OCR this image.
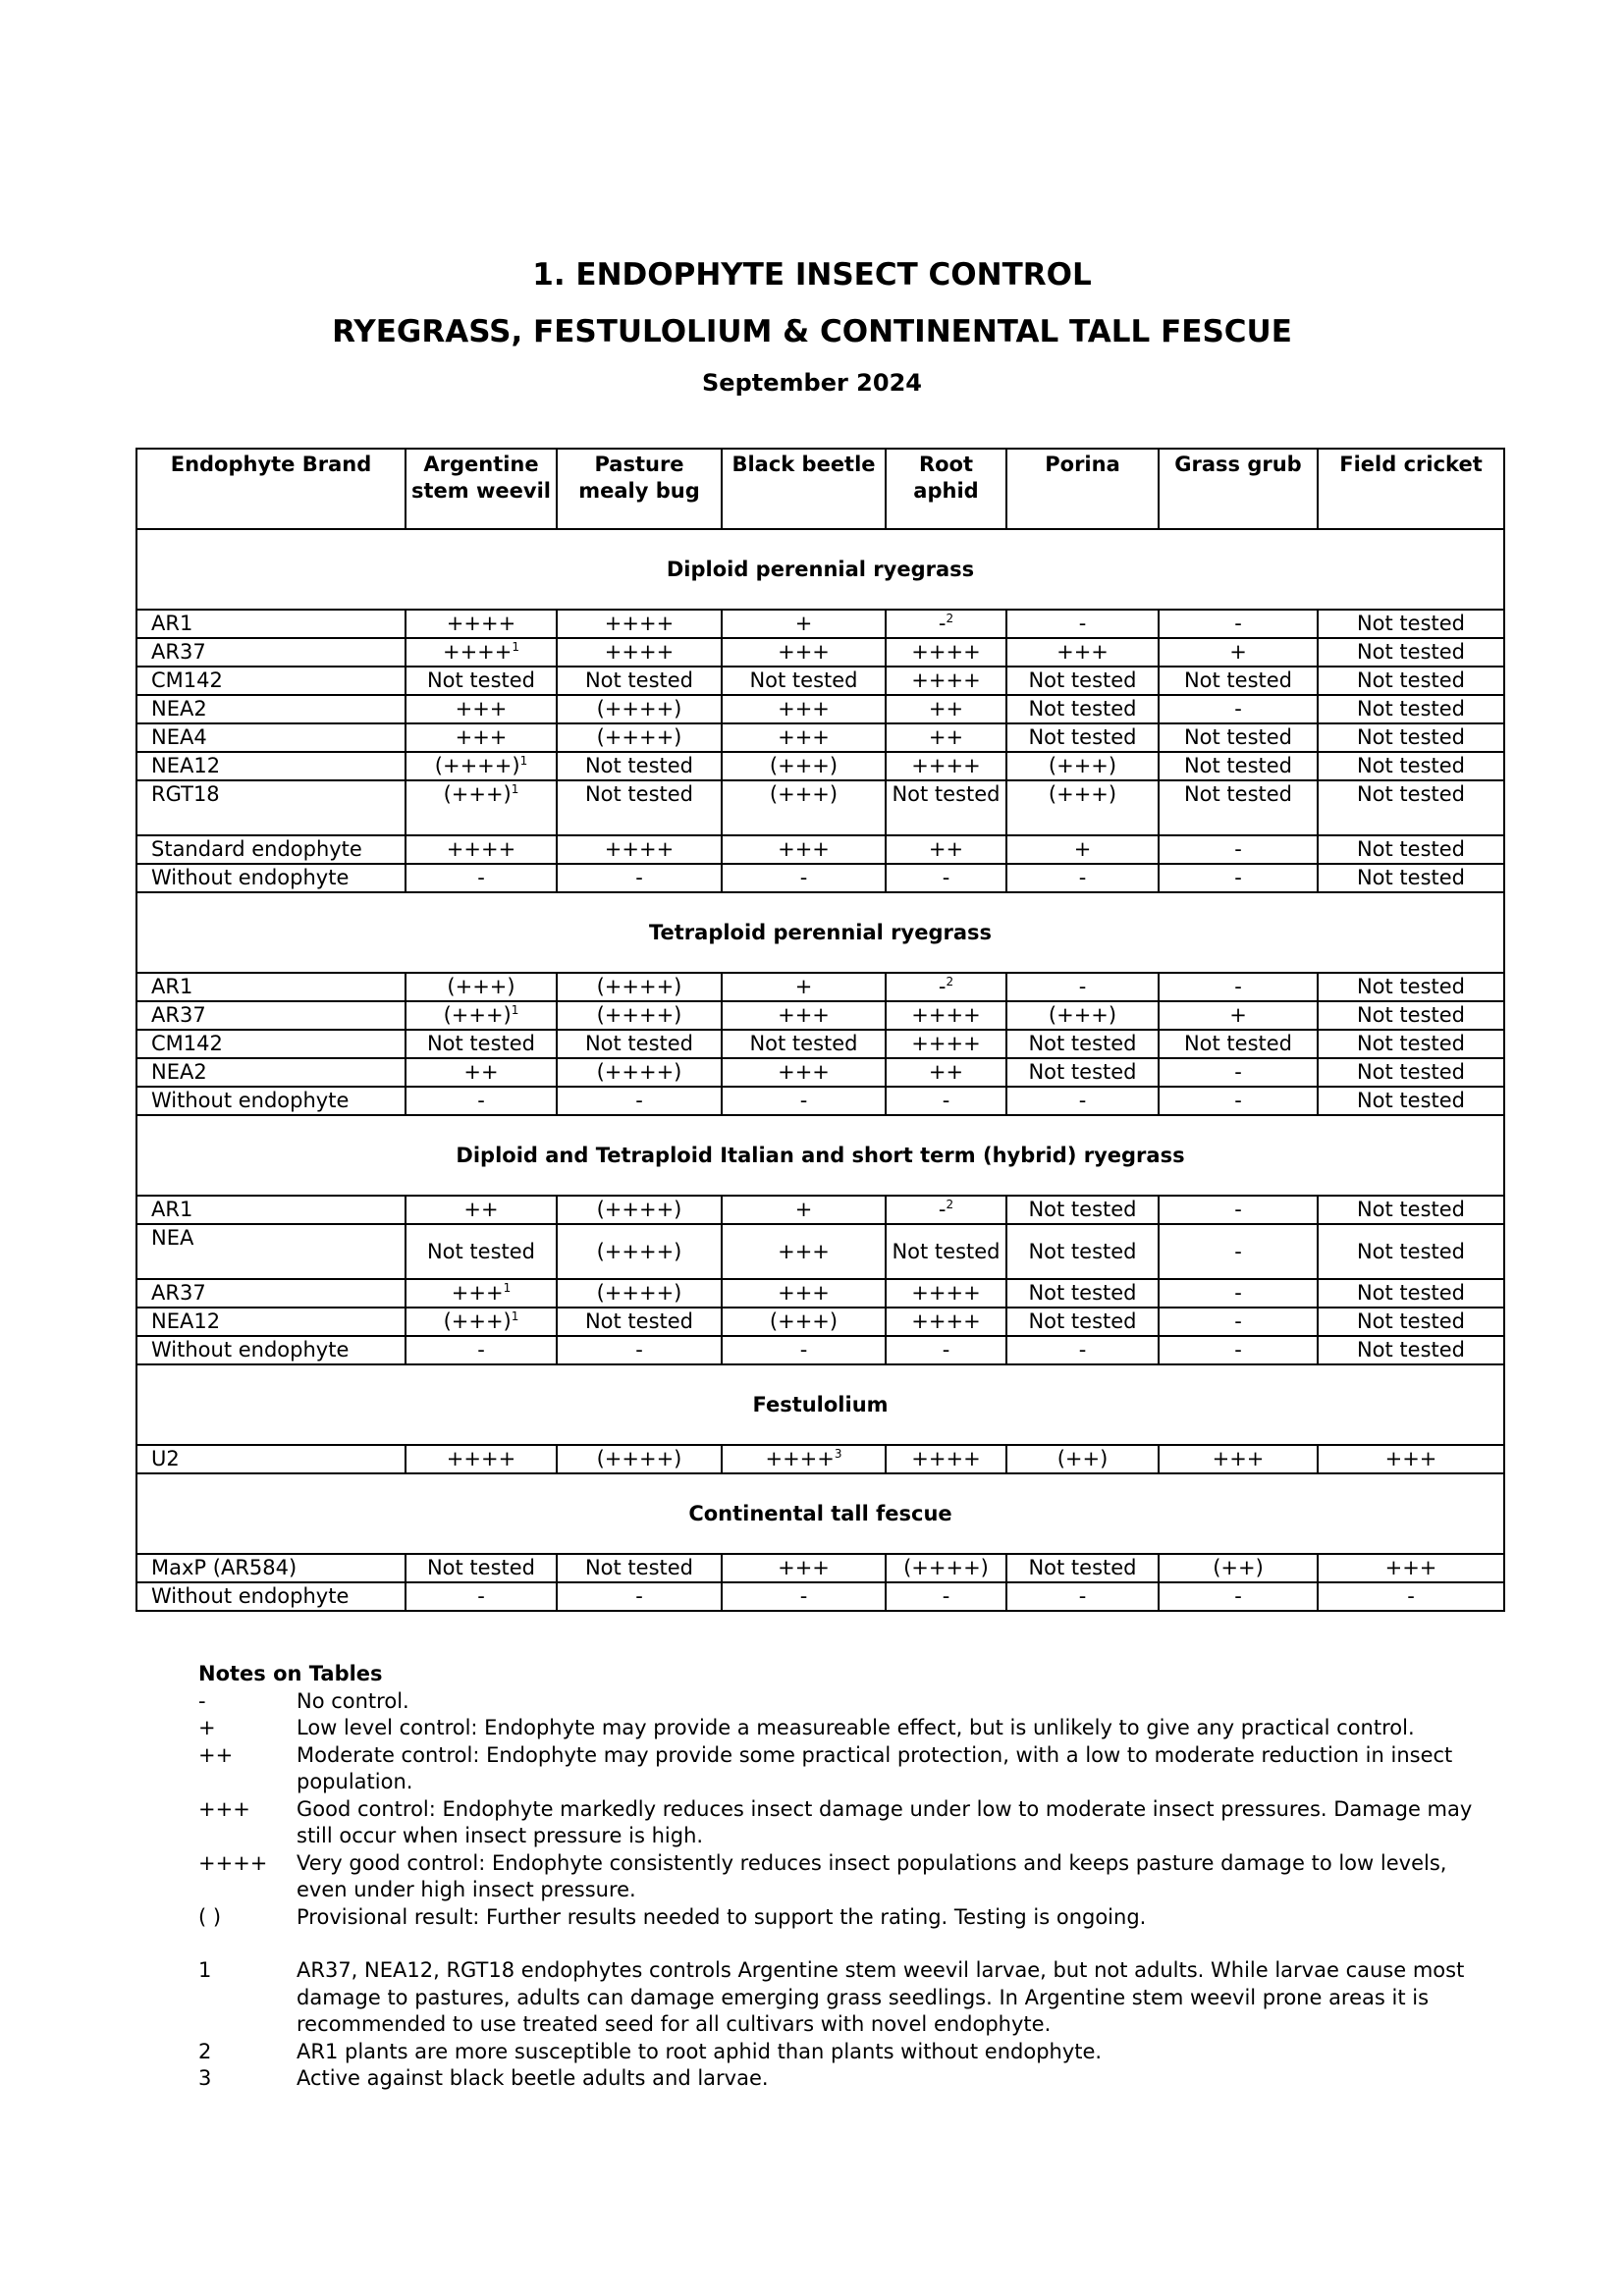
1. ENDOPHYTE INSECT CONTROL
RYEGRASS, FESTULOLIUM & CONTINENTAL TALL FESCUE
September 2024
Endophyte Brand	Argentine stem weevil	Pasture mealy bug	Black beetle	Root aphid	Porina	Grass grub	Field cricket
Diploid perennial ryegrass							
AR1	++++	++++	+	-$^2$	-	-	Not tested
AR37	++++$^1$	++++	+++	++++	+++	+	Not tested
CM142	Not tested	Not tested	Not tested	++++	Not tested	Not tested	Not tested
NEA2	+++	(++++)	+++	++	Not tested	-	Not tested
NEA4	+++	(++++)	+++	++	Not tested	Not tested	Not tested
NEA12	$(++++)^1$	Not tested	(+++)	++++	(+++)	Not tested	Not tested
RGT18	$(+++)^1$	Not tested	(+++)	Not tested	(+++)	Not tested	Not tested
Standard endophyte	++++	++++	+++	++	+	-	Not tested
Without endophyte	-	-	-	-	-	-	Not tested
Tetraploid perennial ryegrass							
AR1	(+++)	(++++)	+	-$^2$	-	-	Not tested
AR37	$(+++)^1$	(++++)	+++	++++	(+++)	+	Not tested
CM142	Not tested	Not tested	Not tested	++++	Not tested	Not tested	Not tested
NEA2	++	(++++)	+++	++	Not tested	-	Not tested
Without endophyte	-	-	-	-	-	-	Not tested
Diploid and Tetraploid Italian and short term (hybrid) ryegrass							
AR1	++	(++++)	+	-$^2$	Not tested	-	Not tested
NEA	Not tested	(++++)	+++	Not tested	Not tested	-	Not tested
AR37	+++$^1$	(++++)	+++	++++	Not tested	-	Not tested
NEA12	$(+++)^1$	Not tested	(+++)	++++	Not tested	-	Not tested
Without endophyte	-	-	-	-	-	-	Not tested
Festulolium							
U2	++++	(++++)	++++$^3$	++++	(++)	+++	+++
Continental tall fescue							
MaxP (AR584)	Not tested	Not tested	+++	(++++)	Not tested	(++)	+++
Without endophyte	-	-	-	-	-	-	-
Notes on Tables
-	No control.
+	Low level control: Endophyte may provide a measureable effect, but is unlikely to give any practical control.
++	Moderate control: Endophyte may provide some practical protection, with a low to moderate reduction in insect population.
+++	Good control: Endophyte markedly reduces insect damage under low to moderate insect pressures. Damage may still occur when insect pressure is high.
++++	Very good control: Endophyte consistently reduces insect populations and keeps pasture damage to low levels, even under high insect pressure.
( )	Provisional result: Further results needed to support the rating. Testing is ongoing.
1	AR37, NEA12, RGT18 endophytes controls Argentine stem weevil larvae, but not adults. While larvae cause most damage to pastures, adults can damage emerging grass seedlings. In Argentine stem weevil prone areas it is recommended to use treated seed for all cultivars with novel endophyte.
2	AR1 plants are more susceptible to root aphid than plants without endophyte.
3	Active against black beetle adults and larvae.
